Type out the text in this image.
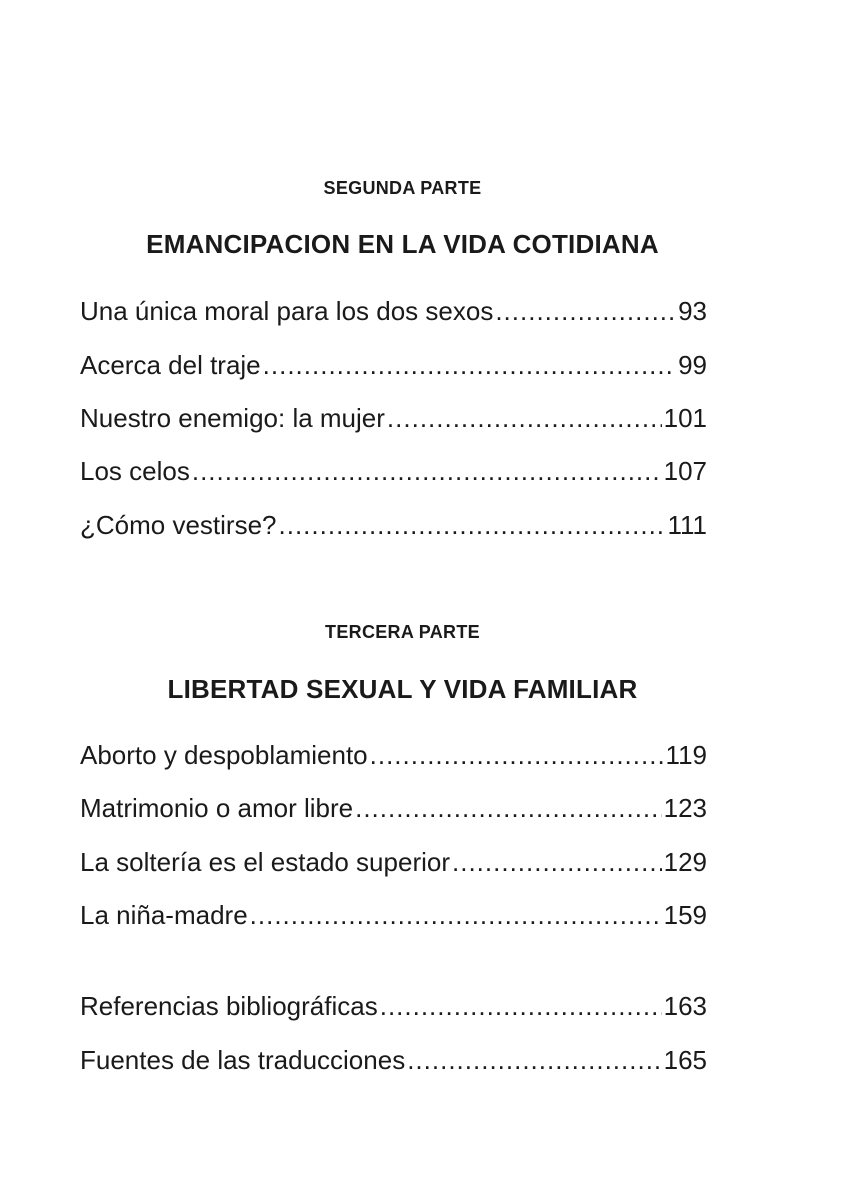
SEGUNDA PARTE
EMANCIPACION EN LA VIDA COTIDIANA
Una única moral para los dos sexos .....	93
Acerca del traje .....	99
Nuestro enemigo: la mujer .....	101
Los celos .....	107
¿Cómo vestirse? .....	111
TERCERA PARTE
LIBERTAD SEXUAL Y VIDA FAMILIAR
Aborto y despoblamiento .....	119
Matrimonio o amor libre .....	123
La soltería es el estado superior .....	129
La niña-madre .....	159
Referencias bibliográficas .....	163
Fuentes de las traducciones .....	165
